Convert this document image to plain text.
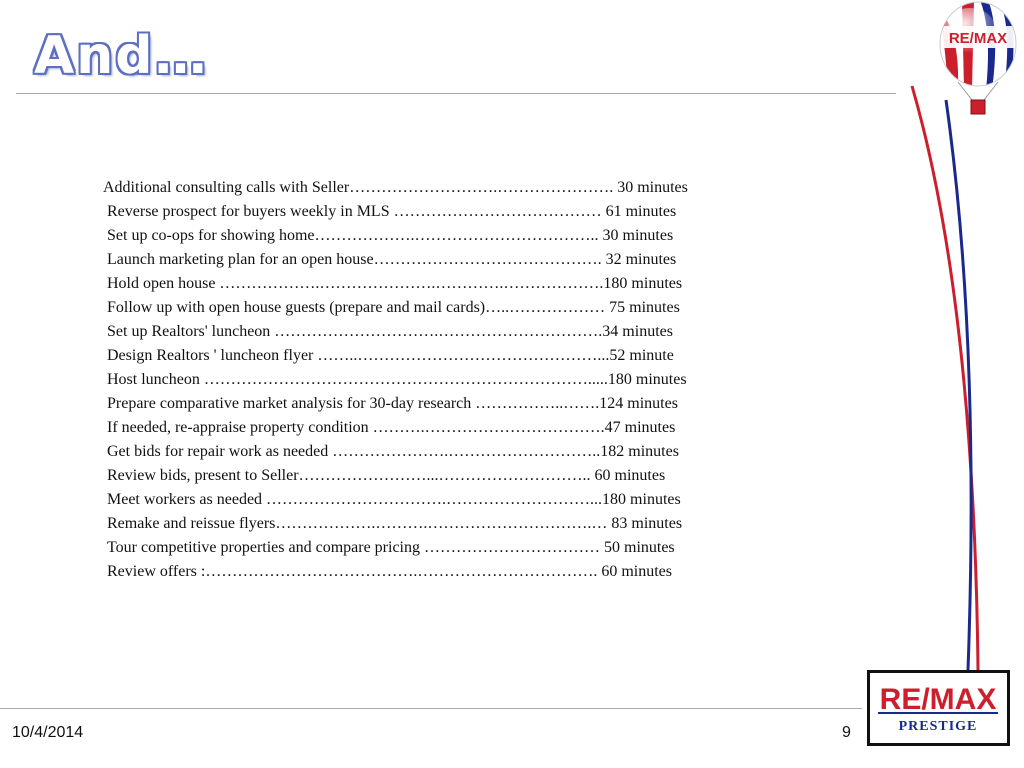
And…
Additional consulting calls with Seller……………………….…………………. 30 minutes
Reverse prospect for buyers weekly in MLS ………………………………… 61 minutes
Set up co-ops for showing home……………….…………………………….. 30 minutes
Launch marketing plan for an open house……………………………………. 32 minutes
Hold open house ……………….………………….………….……………….180 minutes
Follow up with open house guests (prepare and mail cards)…..……………… 75 minutes
Set up Realtors' luncheon ………………………….………………………….34 minutes
Design Realtors ' luncheon flyer ……..………………………………………...52 minute
Host luncheon ……………………………………………………………….....180 minutes
Prepare comparative market analysis for 30-day research ……………..…….124 minutes
If needed, re-appraise property condition ……….…………………………….47 minutes
Get bids for repair work as needed ………………….………………………..182 minutes
Review bids, present to Seller……………………...……………………….. 60 minutes
Meet workers as needed …………………………….………………………...180 minutes
Remake and reissue flyers……………….……….………………………….… 83 minutes
Tour competitive properties and compare pricing …………………………… 50 minutes
Review offers :………………………………….……………………………. 60 minutes
RE/MAX
RE/MAX
PRESTIGE
10/4/2014	9
